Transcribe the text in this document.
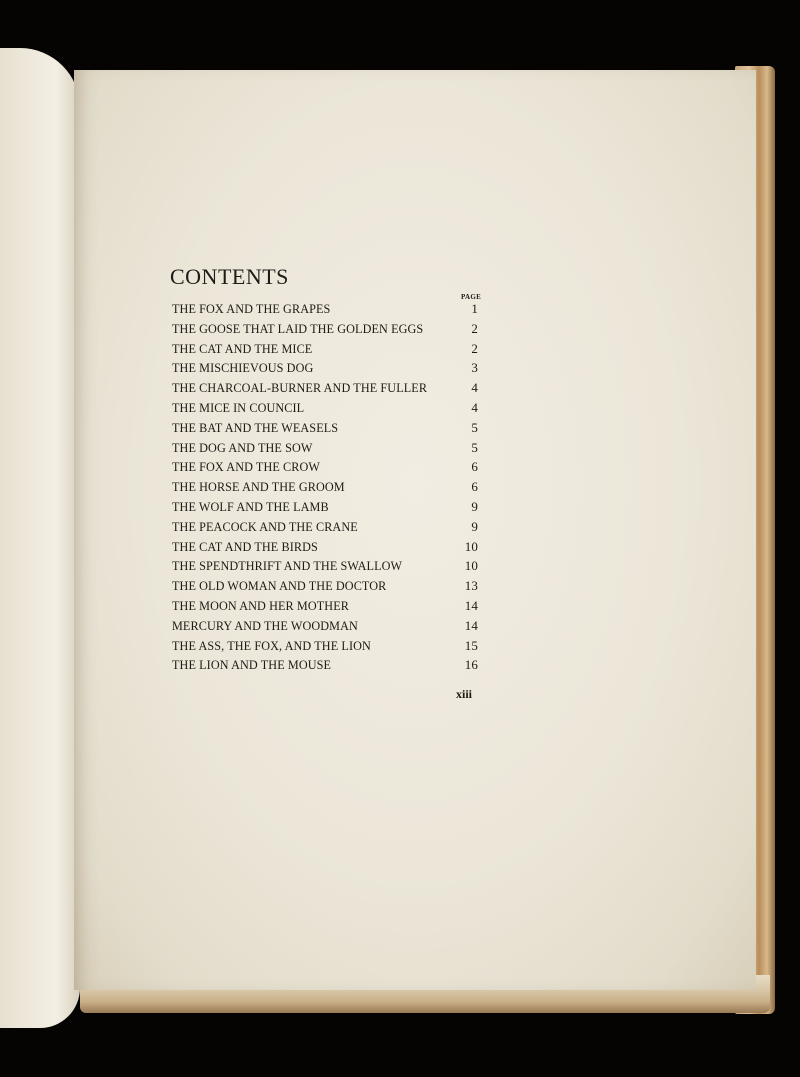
CONTENTS
PAGE
THE FOX AND THE GRAPES	1
THE GOOSE THAT LAID THE GOLDEN EGGS	2
THE CAT AND THE MICE	2
THE MISCHIEVOUS DOG	3
THE CHARCOAL-BURNER AND THE FULLER	4
THE MICE IN COUNCIL	4
THE BAT AND THE WEASELS	5
THE DOG AND THE SOW	5
THE FOX AND THE CROW	6
THE HORSE AND THE GROOM	6
THE WOLF AND THE LAMB	9
THE PEACOCK AND THE CRANE	9
THE CAT AND THE BIRDS	10
THE SPENDTHRIFT AND THE SWALLOW	10
THE OLD WOMAN AND THE DOCTOR	13
THE MOON AND HER MOTHER	14
MERCURY AND THE WOODMAN	14
THE ASS, THE FOX, AND THE LION	15
THE LION AND THE MOUSE	16
xiii
